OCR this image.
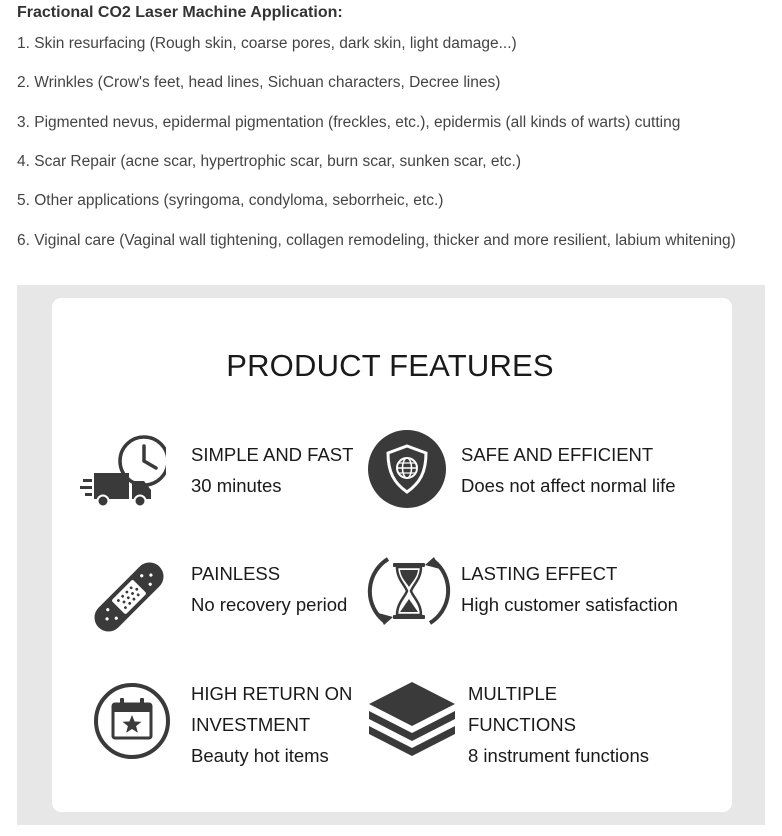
Fractional CO2 Laser Machine Application:
1. Skin resurfacing (Rough skin, coarse pores, dark skin, light damage...)
2. Wrinkles (Crow's feet, head lines, Sichuan characters, Decree lines)
3. Pigmented nevus, epidermal pigmentation (freckles, etc.), epidermis (all kinds of warts) cutting
4. Scar Repair (acne scar, hypertrophic scar, burn scar, sunken scar, etc.)
5. Other applications (syringoma, condyloma, seborrheic, etc.)
6. Viginal care (Vaginal wall tightening, collagen remodeling, thicker and more resilient, labium whitening)
PRODUCT FEATURES
SIMPLE AND FAST
30 minutes
SAFE AND EFFICIENT
Does not affect normal life
PAINLESS
No recovery period
LASTING EFFECT
High customer satisfaction
HIGH RETURN ON
INVESTMENT
Beauty hot items
MULTIPLE
FUNCTIONS
8 instrument functions
